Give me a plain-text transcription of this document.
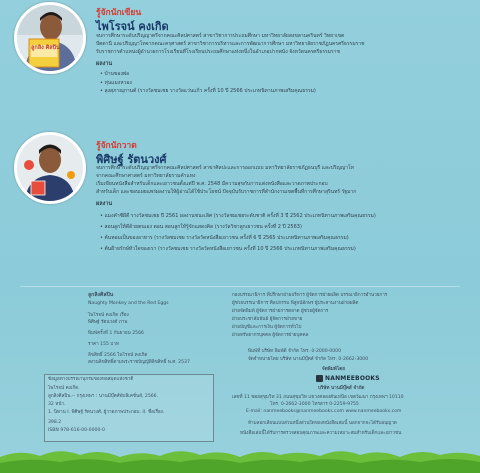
ลูกลิง ศิลปิน

รู้จักนักเขียน

ไพโรจน์ คงเกิด

จบการศึกษาระดับปริญญาตรีจากคณะศิลปศาสตร์ สาขาวิชาการประถมศึกษา มหาวิทยาลัยสงขลานครินทร์ วิทยาเขต

ปัตตานี และปริญญาโทจากคณะครุศาสตร์ สาขาวิชาการบริหารและการพัฒนาการศึกษา มหาวิทยาลัยราชภัฏนครศรีธรรมราช

รับราชการตำแหน่งผู้อำนวยการโรงเรียนที่โรงเรียนประถมศึกษาแห่งหนึ่งในอำเภอปากพนัง จังหวัดนครศรีธรรมราช

ผลงาน

• บ้านของพ่อ
• หุ่นแมงหวอง
• ลุงสุภาณุกานต์ (รางวัลชมเชย รางวัลแว่นแก้ว ครั้งที่ 10 ปี 2566 ประเภทนิทานภาพเสริมคุณธรรม)

รู้จักนักวาด

พิศิษฐ์ รัตนวงศ์

จบการศึกษาระดับปริญญาตรีจากคณะศิลปศาสตร์ สาขาศิลปะและการออกแบบ มหาวิทยาลัยราชภัฏธนบุรี และปริญญาโท

จากคณะศึกษาศาสตร์ มหาวิทยาลัยรามคำแหง

เริ่มเขียนหนังสือสำหรับเด็กและเยาวชนตั้งแต่ปี พ.ศ. 2548 มีความสุขกับการแต่งหนังสือและวาดภาพประกอบ

สำหรับเด็ก และชอบเผยแพร่ผลงานให้ผู้อ่านได้ใช้ประโยชน์ ปัจจุบันรับราชการที่สำนักงานเขตพื้นที่การศึกษาสุรินทร์ รัฐมาก

ผลงาน

• แมงคำซีผีดี รางวัลชมเชย ปี 2561 ผลงานชนะเลิศ (รางวัลชมเชยระดับชาติ ครั้งที่ 3 ปี 2562 ประเภทนิทานภาพเสริมคุณธรรม)
• สอนลูกให้ดีด้วยตนเอง ตอน สอนลูกให้รู้จักแสดงคิด (รางวัลวิชาลูกเยาวชน ครั้งที่ 2 ปี 2563)
• ต้นหอมเป็นของอาหาร (รางวัลชมเชย รางวัลวัดหนังสือเยาวชน ครั้งที่ 6 ปี 2565 ประเภทนิทานภาพเสริมคุณธรรม)
• ต้นฝ้ายรักษ์หัวใจของเรา (รางวัลชมเชย รางวัลวัดหนังสือเยาวชน ครั้งที่ 10 ปี 2566 ประเภทนิทานภาพเสริมคุณธรรม)

ลูกลิงศิลปิน

Naughty Monkey and the Red Eggs

ไพโรจน์ คงเกิด เรื่อง

พิศิษฐ์ รัตนวงศ์ ภาพ

พิมพ์ครั้งที่ 1 กันยายน 2566

ราคา 155 บาท

ลิขสิทธิ์ 2566 ไพโรจน์ คงเกิด

สงวนลิขสิทธิ์ตามพระราชบัญญัติลิขสิทธิ์ พ.ศ. 2537

ข้อมูลทางบรรณานุกรมของหอสมุดแห่งชาติ

ไพโรจน์ คงเกิด.

ลูกลิงศิลปิน.-- กรุงเทพฯ : นานมีบุ๊คส์พับลิเคชั่นส์, 2566.

32 หน้า.

1. นิทาน I. พิศิษฐ์ รัตนวงศ์, ผู้วาดภาพประกอบ. II. ชื่อเรื่อง.

398.2

ISBN 978-616-00-0000-0

กองบรรณาธิการ ที่ปรึกษาฝ่ายบริหาร ผู้จัดการฝ่ายผลิต บรรณาธิการอำนวยการ

ผู้ช่วยบรรณาธิการ ศิลปกรรม พิสูจน์อักษร ผู้ประสานงานฝ่ายผลิต

ฝ่ายจัดพิมพ์ ผู้จัดการฝ่ายการตลาด ผู้ช่วยผู้จัดการ

ฝ่ายประชาสัมพันธ์ ผู้จัดการฝ่ายขาย

ฝ่ายบัญชีและการเงิน ผู้จัดการทั่วไป

ฝ่ายทรัพยากรบุคคล ผู้จัดการฝ่ายบุคคล

พิมพ์ที่ บริษัท พิมพ์ดี จำกัด โทร. 0-2000-0000

จัดจำหน่ายโดย บริษัท นานมีบุ๊คส์ จำกัด โทร. 0-2662-3000

จัดพิมพ์โดย

NANMEEBOOKS

บริษัท นานมีบุ๊คส์ จำกัด

เลขที่ 11 ซอยสุขุมวิท 31 ถนนสุขุมวิท แขวงคลองตันเหนือ เขตวัฒนา กรุงเทพฯ 10110

โทร. 0-2662-3000 โทรสาร 0-2259-9755

E-mail: nanmeebooks@nanmeebooks.com www.nanmeebooks.com

ห้ามลอกเลียนแบบส่วนหนึ่งส่วนใดของหนังสือเล่มนี้ นอกจากจะได้รับอนุญาต

หนังสือเล่มนี้ได้รับการตรวจสอบคุณภาพและความเหมาะสมสำหรับเด็กและเยาวชน
